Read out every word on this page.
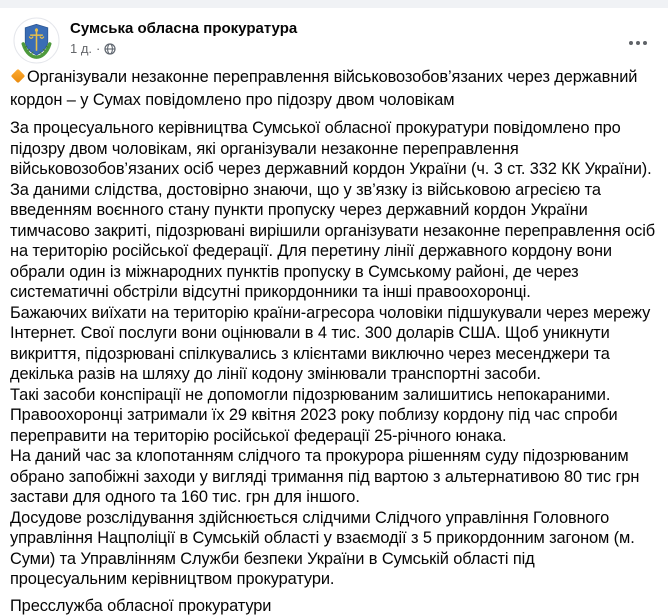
Сумська обласна прокуратура
1 д. ·
Організували незаконне переправлення військовозобов’язаних через державний кордон – у Сумах повідомлено про підозру двом чоловікам
За процесуального керівництва Сумської обласної прокуратури повідомлено про підозру двом чоловікам, які організували незаконне переправлення військовозобов’язаних осіб через державний кордон України (ч. 3 ст. 332 КК України).
За даними слідства, достовірно знаючи, що у зв’язку із військовою агресією та введенням воєнного стану пункти пропуску через державний кордон України тимчасово закриті, підозрювані вирішили організувати незаконне переправлення осіб на територію російської федерації. Для перетину лінії державного кордону вони обрали один із міжнародних пунктів пропуску в Сумському районі, де через систематичні обстріли відсутні прикордонники та інші правоохоронці.
Бажаючих виїхати на територію країни-агресора чоловіки підшукували через мережу Інтернет. Свої послуги вони оцінювали в 4 тис. 300 доларів США. Щоб уникнути викриття, підозрювані спілкувались з клієнтами виключно через месенджери та декілька разів на шляху до лінії кодону змінювали транспортні засоби.
Такі засоби конспірації не допомогли підозрюваним залишитись непокараними.
Правоохоронці затримали їх 29 квітня 2023 року поблизу кордону під час спроби переправити на територію російської федерації 25-річного юнака.
На даний час за клопотанням слідчого та прокурора рішенням суду підозрюваним обрано запобіжні заходи у вигляді тримання під вартою з альтернативою 80 тис грн застави для одного та 160 тис. грн для іншого.
Досудове розслідування здійснюється слідчими Слідчого управління Головного управління Нацполіції в Сумській області у взаємодії з 5 прикордонним загоном (м. Суми) та Управлінням Служби безпеки України в Сумській області під процесуальним керівництвом прокуратури.
Пресслужба обласної прокуратури
